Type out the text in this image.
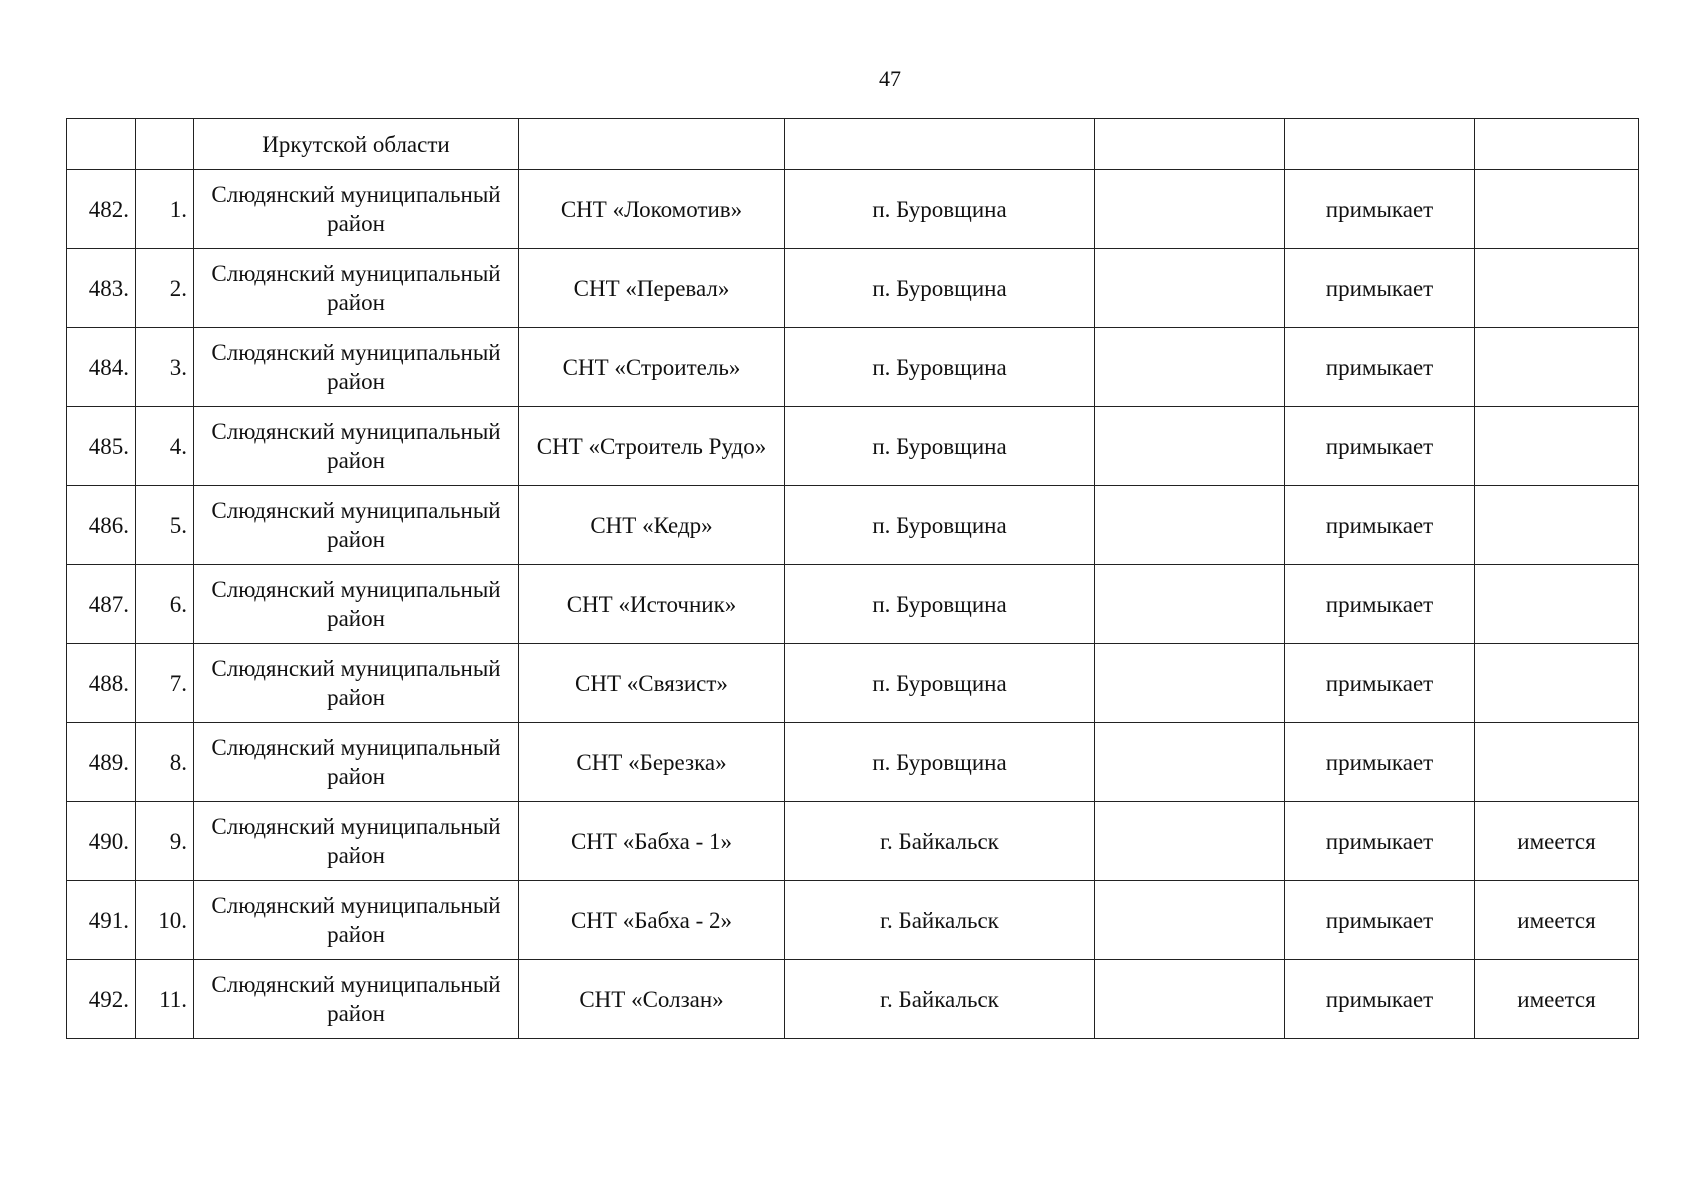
47
		Иркутской области					
482.	1.	Слюдянский муниципальный район	СНТ «Локомотив»	п. Буровщина		примыкает	
483.	2.	Слюдянский муниципальный район	СНТ «Перевал»	п. Буровщина		примыкает	
484.	3.	Слюдянский муниципальный район	СНТ «Строитель»	п. Буровщина		примыкает	
485.	4.	Слюдянский муниципальный район	СНТ «Строитель Рудо»	п. Буровщина		примыкает	
486.	5.	Слюдянский муниципальный район	СНТ «Кедр»	п. Буровщина		примыкает	
487.	6.	Слюдянский муниципальный район	СНТ «Источник»	п. Буровщина		примыкает	
488.	7.	Слюдянский муниципальный район	СНТ «Связист»	п. Буровщина		примыкает	
489.	8.	Слюдянский муниципальный район	СНТ «Березка»	п. Буровщина		примыкает	
490.	9.	Слюдянский муниципальный район	СНТ «Бабха - 1»	г. Байкальск		примыкает	имеется
491.	10.	Слюдянский муниципальный район	СНТ «Бабха - 2»	г. Байкальск		примыкает	имеется
492.	11.	Слюдянский муниципальный район	СНТ «Солзан»	г. Байкальск		примыкает	имеется
